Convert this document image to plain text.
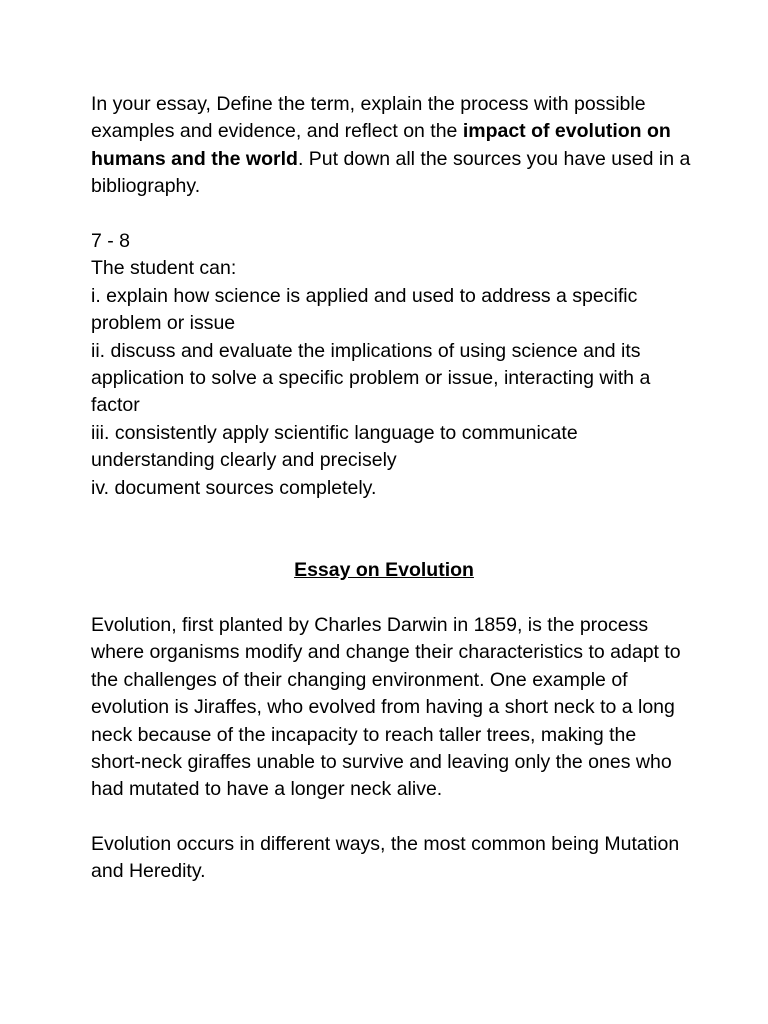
In your essay, Define the term, explain the process with possible examples and evidence, and reflect on the impact of evolution on humans and the world. Put down all the sources you have used in a bibliography.

7 - 8
The student can:
i. explain how science is applied and used to address a specific problem or issue
ii. discuss and evaluate the implications of using science and its application to solve a specific problem or issue, interacting with a factor
iii. consistently apply scientific language to communicate understanding clearly and precisely
iv. document sources completely.

Essay on Evolution

Evolution, first planted by Charles Darwin in 1859, is the process where organisms modify and change their characteristics to adapt to the challenges of their changing environment. One example of evolution is Jiraffes, who evolved from having a short neck to a long neck because of the incapacity to reach taller trees, making the short-neck giraffes unable to survive and leaving only the ones who had mutated to have a longer neck alive.

Evolution occurs in different ways, the most common being Mutation and Heredity.
